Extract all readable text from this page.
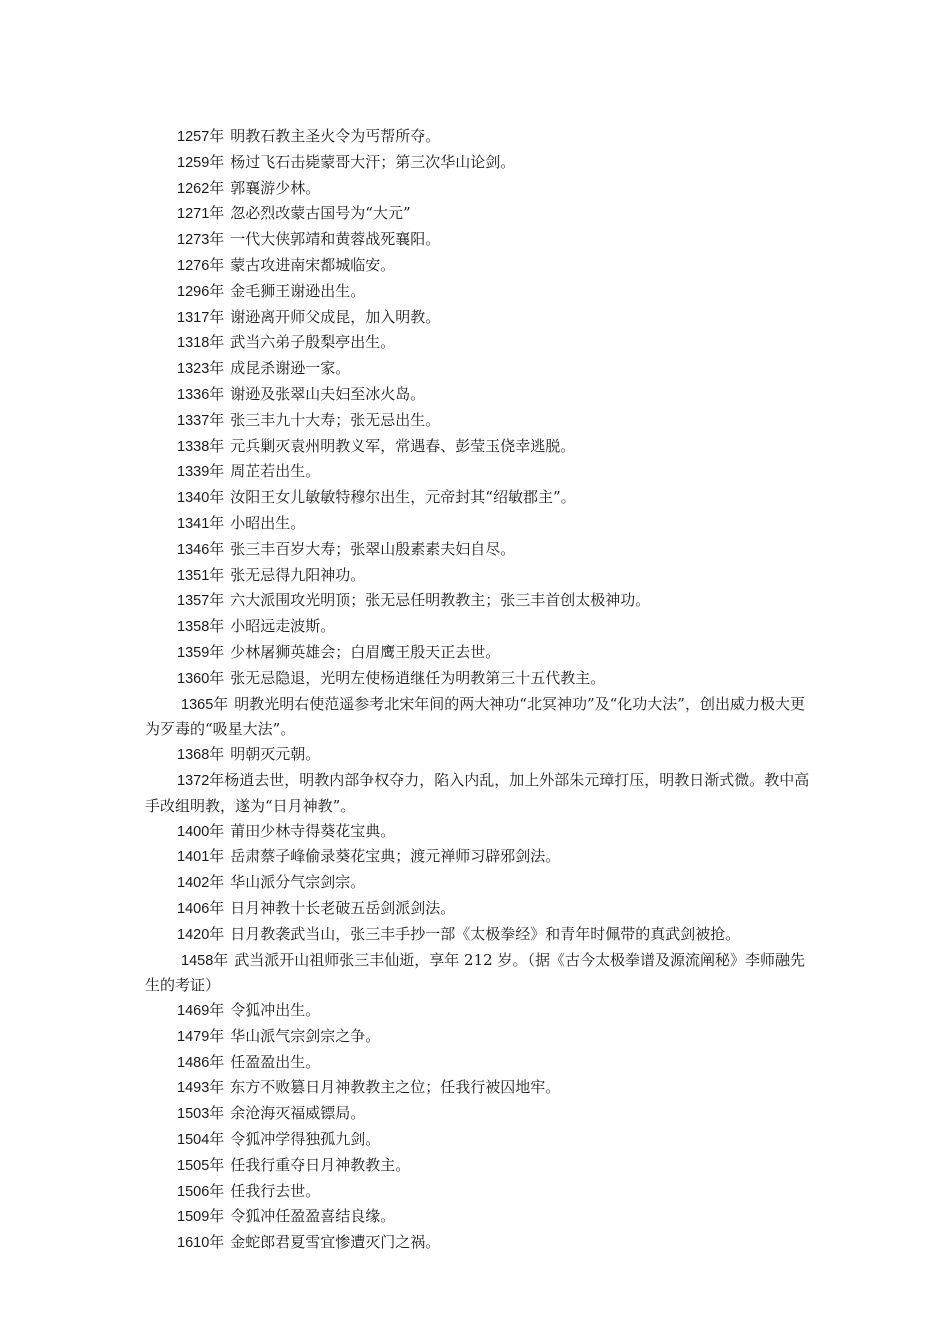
1257年 明教石教主圣火令为丐帮所夺。

1259年 杨过飞石击毙蒙哥大汗；第三次华山论剑。

1262年 郭襄游少林。

1271年 忽必烈改蒙古国号为“大元”

1273年 一代大侠郭靖和黄蓉战死襄阳。

1276年 蒙古攻进南宋都城临安。

1296年 金毛狮王谢逊出生。

1317年 谢逊离开师父成昆，加入明教。

1318年 武当六弟子殷梨亭出生。

1323年 成昆杀谢逊一家。

1336年 谢逊及张翠山夫妇至冰火岛。

1337年 张三丰九十大寿；张无忌出生。

1338年 元兵剿灭袁州明教义军，常遇春、彭莹玉侥幸逃脱。

1339年 周芷若出生。

1340年 汝阳王女儿敏敏特穆尔出生，元帝封其“绍敏郡主”。

1341年 小昭出生。

1346年 张三丰百岁大寿；张翠山殷素素夫妇自尽。

1351年 张无忌得九阳神功。

1357年 六大派围攻光明顶；张无忌任明教教主；张三丰首创太极神功。

1358年 小昭远走波斯。

1359年 少林屠狮英雄会；白眉鹰王殷天正去世。

1360年 张无忌隐退，光明左使杨逍继任为明教第三十五代教主。

1365年 明教光明右使范遥参考北宋年间的两大神功“北冥神功”及“化功大法”，创出威力极大更为歹毒的“吸星大法”。

1368年 明朝灭元朝。

1372年杨逍去世，明教内部争权夺力，陷入内乱，加上外部朱元璋打压，明教日渐式微。教中高手改组明教，遂为“日月神教”。

1400年 莆田少林寺得葵花宝典。

1401年 岳肃蔡子峰偷录葵花宝典；渡元禅师习辟邪剑法。

1402年 华山派分气宗剑宗。

1406年 日月神教十长老破五岳剑派剑法。

1420年 日月教袭武当山，张三丰手抄一部《太极拳经》和青年时佩带的真武剑被抢。

1458年 武当派开山祖师张三丰仙逝，享年 212 岁。（据《古今太极拳谱及源流阐秘》李师融先生的考证）

1469年 令狐冲出生。

1479年 华山派气宗剑宗之争。

1486年 任盈盈出生。

1493年 东方不败篡日月神教教主之位；任我行被囚地牢。

1503年 余沧海灭福威镖局。

1504年 令狐冲学得独孤九剑。

1505年 任我行重夺日月神教教主。

1506年 任我行去世。

1509年 令狐冲任盈盈喜结良缘。

1610年 金蛇郎君夏雪宜惨遭灭门之祸。
